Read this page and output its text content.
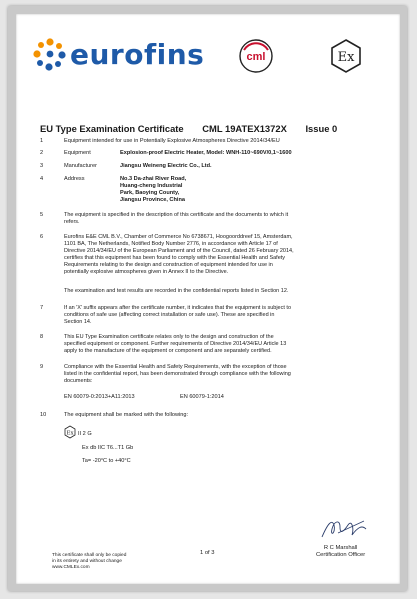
eurofins	cml	Ex
EU Type Examination Certificate CML 19ATEX1372X Issue 0
1	Equipment intended for use in Potentially Explosive Atmospheres Directive 2014/34/EU
2	Equipment	Explosion-proof Electric Heater, Model: WNH-110~690V/0,1~1600
3	Manufacturer	Jiangsu Weineng Electric Co., Ltd.
4	Address	No.3 Da-zhai River Road,
Huang-cheng Industrial
Park, Baoying County,
Jiangsu Province, China
5	The equipment is specified in the description of this certificate and the documents to which it
refers.
6	Eurofins E&E CML B.V., Chamber of Commerce No 6738671, Hoogoorddreef 15, Amsterdam,
1101 BA, The Netherlands, Notified Body Number 2776, in accordance with Article 17 of
Directive 2014/34/EU of the European Parliament and of the Council, dated 26 February 2014,
certifies that this equipment has been found to comply with the Essential Health and Safety
Requirements relating to the design and construction of equipment intended for use in
potentially explosive atmospheres given in Annex II to the Directive.
The examination and test results are recorded in the confidential reports listed in Section 12.
7	If an 'X' suffix appears after the certificate number, it indicates that the equipment is subject to
conditions of safe use (affecting correct installation or safe use). These are specified in
Section 14.
8	This EU Type Examination certificate relates only to the design and construction of the
specified equipment or component. Further requirements of Directive 2014/34/EU Article 13
apply to the manufacture of the equipment or component and are separately certified.
9	Compliance with the Essential Health and Safety Requirements, with the exception of those
listed in the confidential report, has been demonstrated through compliance with the following
documents:
EN 60079-0:2013+A11:2013	EN 60079-1:2014
10	The equipment shall be marked with the following:
Ex II 2 G
Ex db IIC T6...T1 Gb
Ta= -20°C to +40°C
This certificate shall only be copied
in its entirety and without change
www.CMLEx.com
1 of 3
R C Marshall
Certification Officer
